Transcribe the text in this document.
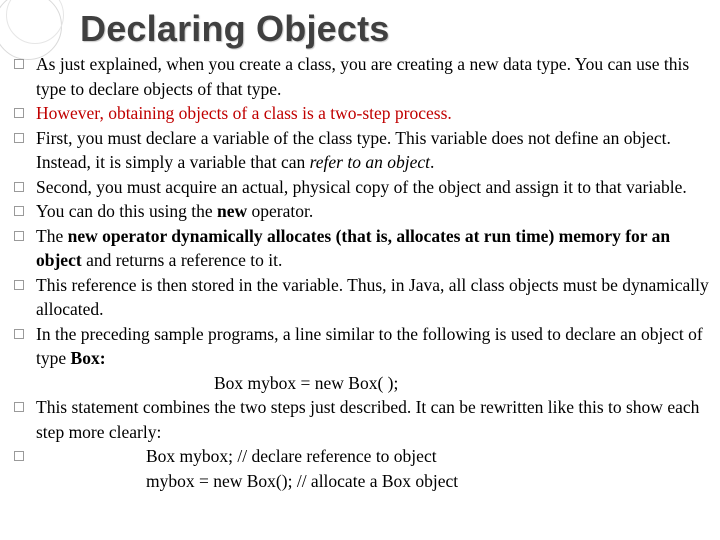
Declaring Objects
As just explained, when you create a class, you are creating a new data type. You can use this type to declare objects of that type.
However, obtaining objects of a class is a two-step process.
First, you must declare a variable of the class type. This variable does not define an object. Instead, it is simply a variable that can refer to an object.
Second, you must acquire an actual, physical copy of the object and assign it to that variable.
You can do this using the new operator.
The new operator dynamically allocates (that is, allocates at run time) memory for an object and returns a reference to it.
This reference is then stored in the variable. Thus, in Java, all class objects must be dynamically allocated.
In the preceding sample programs, a line similar to the following is used to declare an object of type Box:
Box mybox = new Box( );
This statement combines the two steps just described. It can be rewritten like this to show each step more clearly:
Box mybox; // declare reference to object
mybox = new Box(); // allocate a Box object
